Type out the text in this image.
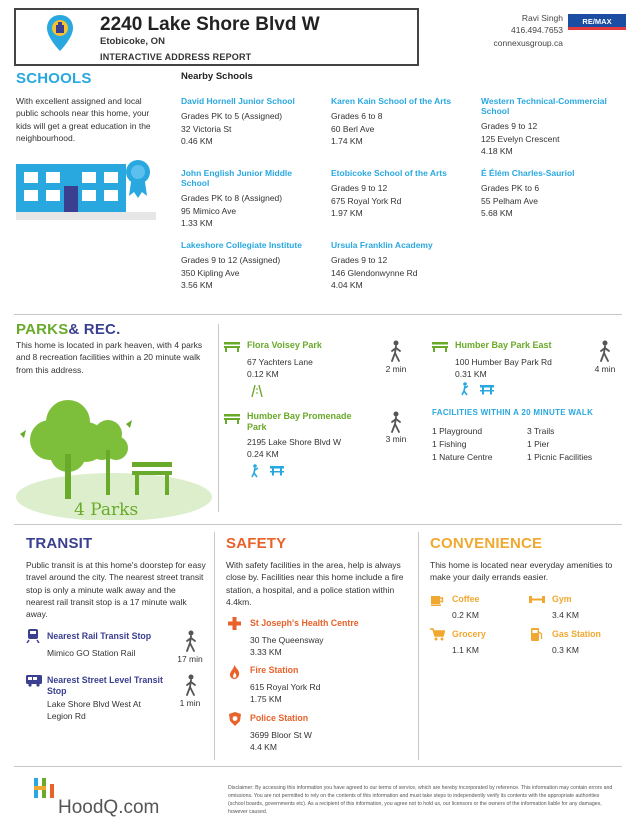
2240 Lake Shore Blvd W
Etobicoke, ON
INTERACTIVE ADDRESS REPORT
Ravi Singh
416.494.7653
connexusgroup.ca
RE/MAX
SCHOOLS	Nearby Schools
With excellent assigned and local public schools near this home, your kids will get a great education in the neighbourhood.
David Hornell Junior School
Grades PK to 5 (Assigned)
32 Victoria St
0.46 KM
John English Junior Middle School
Grades PK to 8 (Assigned)
95 Mimico Ave
1.33 KM
Lakeshore Collegiate Institute
Grades 9 to 12 (Assigned)
350 Kipling Ave
3.56 KM
Karen Kain School of the Arts
Grades 6 to 8
60 Berl Ave
1.74 KM
Etobicoke School of the Arts
Grades 9 to 12
675 Royal York Rd
1.97 KM
Ursula Franklin Academy
Grades 9 to 12
146 Glendonwynne Rd
4.04 KM
Western Technical-Commercial School
Grades 9 to 12
125 Evelyn Crescent
4.18 KM
É Élém Charles-Sauriol
Grades PK to 6
55 Pelham Ave
5.68 KM
PARKS& REC.
This home is located in park heaven, with 4 parks and 8 recreation facilities within a 20 minute walk from this address.
4 Parks
Flora Voisey Park
67 Yachters Lane
0.12 KM	2 min
Humber Bay Promenade Park
2195 Lake Shore Blvd W
0.24 KM
3 min
Humber Bay Park East
100 Humber Bay Park Rd
0.31 KM	4 min
FACILITIES WITHIN A 20 MINUTE WALK
1 Playground
1 Fishing
1 Nature Centre
3 Trails
1 Pier
1 Picnic Facilities
TRANSIT
Public transit is at this home's doorstep for easy travel around the city. The nearest street transit stop is only a minute walk away and the nearest rail transit stop is a 17 minute walk away.
Nearest Rail Transit Stop
Mimico GO Station Rail
17 min
Nearest Street Level Transit Stop
Lake Shore Blvd West At Legion Rd
1 min
SAFETY
With safety facilities in the area, help is always close by. Facilities near this home include a fire station, a hospital, and a police station within 4.4km.
St Joseph's Health Centre
30 The Queensway
3.33 KM
Fire Station
615 Royal York Rd
1.75 KM
Police Station
3699 Bloor St W
4.4 KM
CONVENIENCE
This home is located near everyday amenities to make your daily errands easier.
Coffee
0.2 KM
Gym
3.4 KM
Grocery
1.1 KM
Gas Station
0.3 KM
HoodQ.com
Disclaimer: By accessing this information you have agreed to our terms of service, which are hereby incorporated by reference. This information may contain errors and omissions. You are not permitted to rely on the contents of this information and must take steps to independently verify its contents with the appropriate authorities (school boards, governments etc). As a recipient of this information, you agree not to hold us, our licensors or the owners of the information liable for any damages, however caused.
